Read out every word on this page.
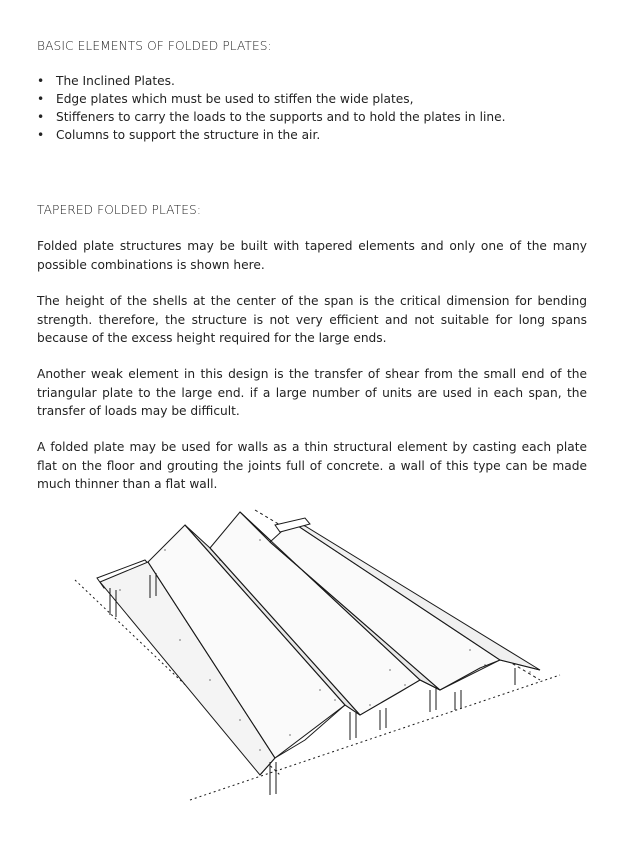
BASIC ELEMENTS OF FOLDED PLATES:
• The Inclined Plates.
• Edge plates which must be used to stiffen the wide plates,
• Stiffeners to carry the loads to the supports and to hold the plates in line.
• Columns to support the structure in the air.
TAPERED FOLDED PLATES:

Folded plate structures may be built with tapered elements and only one of the many possible combinations is shown here.

The height of the shells at the center of the span is the critical dimension for bending strength. therefore, the structure is not very efficient and not suitable for long spans because of the excess height required for the large ends.

Another weak element in this design is the transfer of shear from the small end of the triangular plate to the large end. if a large number of units are used in each span, the transfer of loads may be difficult.

A folded plate may be used for walls as a thin structural element by casting each plate flat on the floor and grouting the joints full of concrete. a wall of this type can be made much thinner than a flat wall.
